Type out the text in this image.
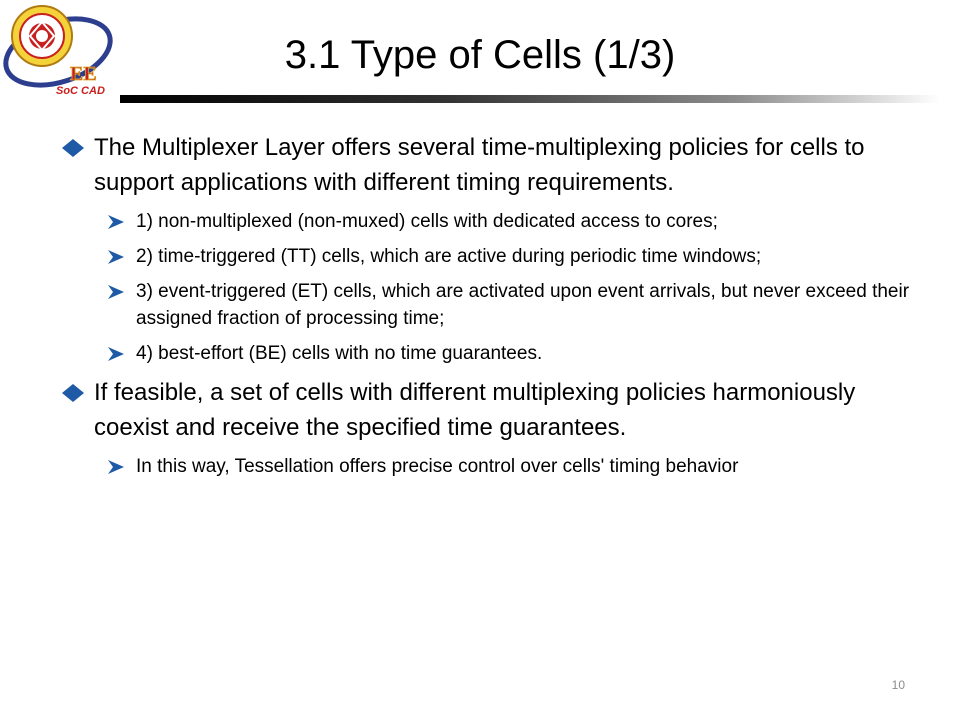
EE
SoC CAD
3.1 Type of Cells (1/3)
The Multiplexer Layer offers several time-multiplexing policies for cells to support applications with different timing requirements.
1) non-multiplexed (non-muxed) cells with dedicated access to cores;
2) time-triggered (TT) cells, which are active during periodic time windows;
3) event-triggered (ET) cells, which are activated upon event arrivals, but never exceed their assigned fraction of processing time;
4) best-effort (BE) cells with no time guarantees.
If feasible, a set of cells with different multiplexing policies harmoniously coexist and receive the specified time guarantees.
In this way, Tessellation offers precise control over cells' timing behavior
10
